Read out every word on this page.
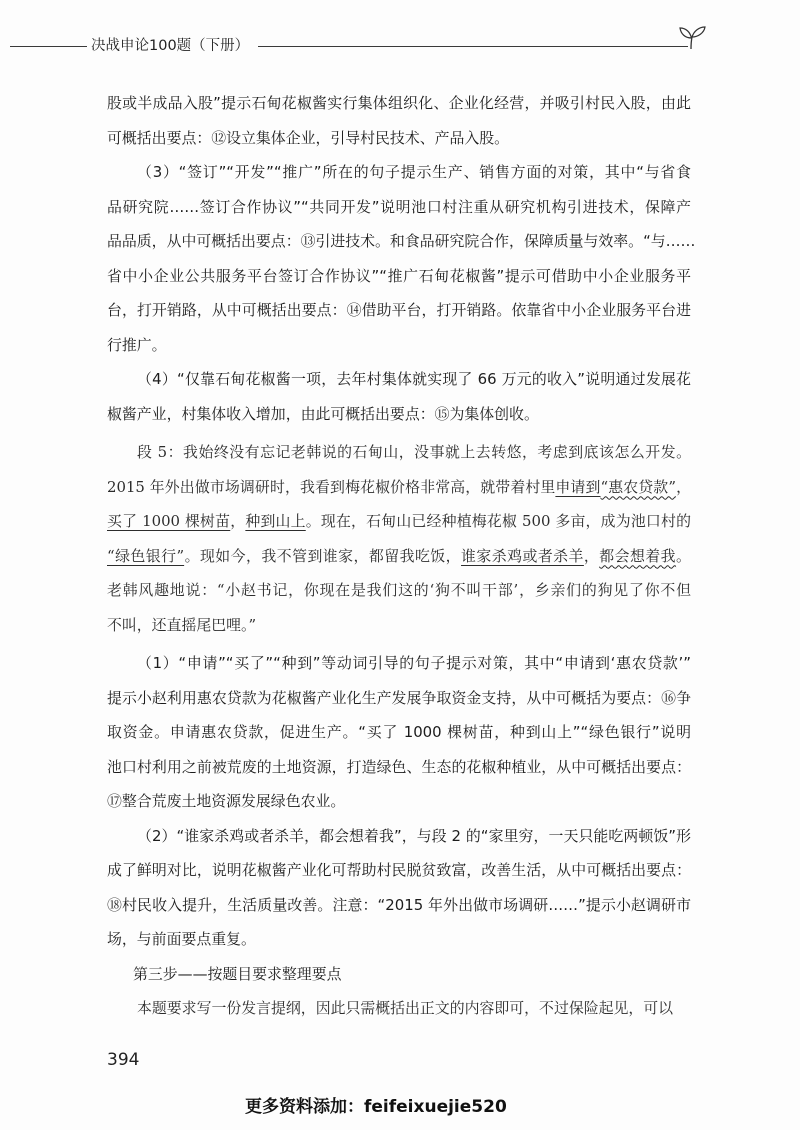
决战申论100题（下册）
股或半成品入股”提示石甸花椒酱实行集体组织化、企业化经营，并吸引村民入股，由此
可概括出要点：⑫设立集体企业，引导村民技术、产品入股。
（3）“签订”“开发”“推广”所在的句子提示生产、销售方面的对策，其中“与省食
品研究院……签订合作协议”“共同开发”说明池口村注重从研究机构引进技术，保障产
品品质，从中可概括出要点：⑬引进技术。和食品研究院合作，保障质量与效率。“与……
省中小企业公共服务平台签订合作协议”“推广石甸花椒酱”提示可借助中小企业服务平
台，打开销路，从中可概括出要点：⑭借助平台，打开销路。依靠省中小企业服务平台进
行推广。
（4）“仅靠石甸花椒酱一项，去年村集体就实现了 66 万元的收入”说明通过发展花
椒酱产业，村集体收入增加，由此可概括出要点：⑮为集体创收。
段 5：我始终没有忘记老韩说的石甸山，没事就上去转悠，考虑到底该怎么开发。
2015 年外出做市场调研时，我看到梅花椒价格非常高，就带着村里申请到“惠农贷款”，
买了 1000 棵树苗，种到山上。现在，石甸山已经种植梅花椒 500 多亩，成为池口村的
“绿色银行”。现如今，我不管到谁家，都留我吃饭，谁家杀鸡或者杀羊，都会想着我。
老韩风趣地说：“小赵书记，你现在是我们这的‘狗不叫干部’，乡亲们的狗见了你不但
不叫，还直摇尾巴哩。”
（1）“申请”“买了”“种到”等动词引导的句子提示对策，其中“申请到‘惠农贷款’”
提示小赵利用惠农贷款为花椒酱产业化生产发展争取资金支持，从中可概括为要点：⑯争
取资金。申请惠农贷款，促进生产。“买了 1000 棵树苗，种到山上”“绿色银行”说明
池口村利用之前被荒废的土地资源，打造绿色、生态的花椒种植业，从中可概括出要点：
⑰整合荒废土地资源发展绿色农业。
（2）“谁家杀鸡或者杀羊，都会想着我”，与段 2 的“家里穷，一天只能吃两顿饭”形
成了鲜明对比，说明花椒酱产业化可帮助村民脱贫致富，改善生活，从中可概括出要点：
⑱村民收入提升，生活质量改善。注意：“2015 年外出做市场调研……”提示小赵调研市
场，与前面要点重复。
第三步——按题目要求整理要点
本题要求写一份发言提纲，因此只需概括出正文的内容即可，不过保险起见，可以
394
更多资料添加：feifeixuejie520
